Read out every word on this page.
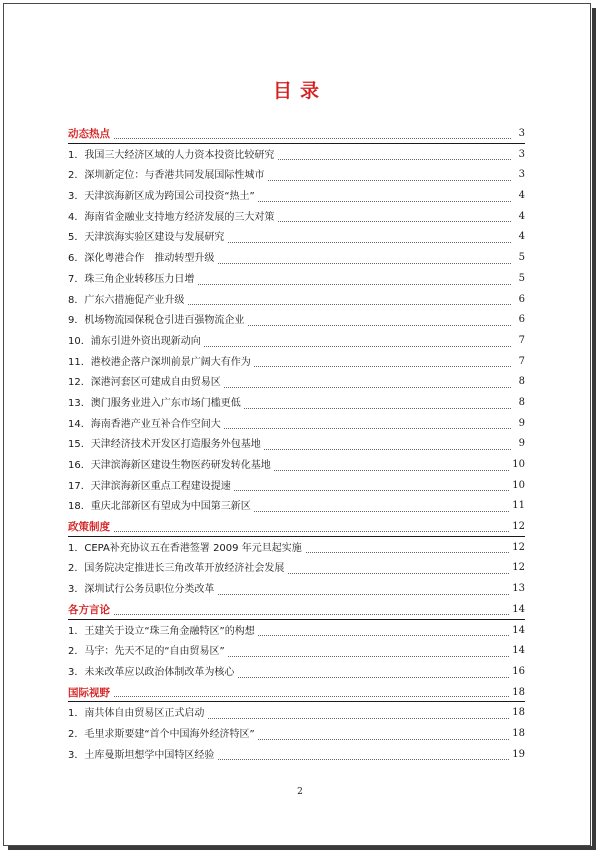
目录
动态热点	3
1．我国三大经济区域的人力资本投资比较研究	3
2．深圳新定位：与香港共同发展国际性城市	3
3．天津滨海新区成为跨国公司投资“热土”	4
4．海南省金融业支持地方经济发展的三大对策	4
5．天津滨海实验区建设与发展研究	4
6．深化粤港合作　推动转型升级	5
7．珠三角企业转移压力日增	5
8．广东六措施促产业升级	6
9．机场物流园保税仓引进百强物流企业	6
10．浦东引进外资出现新动向	7
11．港校港企落户深圳前景广阔大有作为	7
12．深港河套区可建成自由贸易区	8
13．澳门服务业进入广东市场门槛更低	8
14．海南香港产业互补合作空间大	9
15．天津经济技术开发区打造服务外包基地	9
16．天津滨海新区建设生物医药研发转化基地	10
17．天津滨海新区重点工程建设提速	10
18．重庆北部新区有望成为中国第三新区	11
政策制度	12
1．CEPA补充协议五在香港签署 2009 年元旦起实施	12
2．国务院决定推进长三角改革开放经济社会发展	12
3．深圳试行公务员职位分类改革	13
各方言论	14
1．王建关于设立“珠三角金融特区”的构想	14
2．马宇：先天不足的“自由贸易区”	14
3．未来改革应以政治体制改革为核心	16
国际视野	18
1．南共体自由贸易区正式启动	18
2．毛里求斯要建“首个中国海外经济特区”	18
3．土库曼斯坦想学中国特区经验	19
2
